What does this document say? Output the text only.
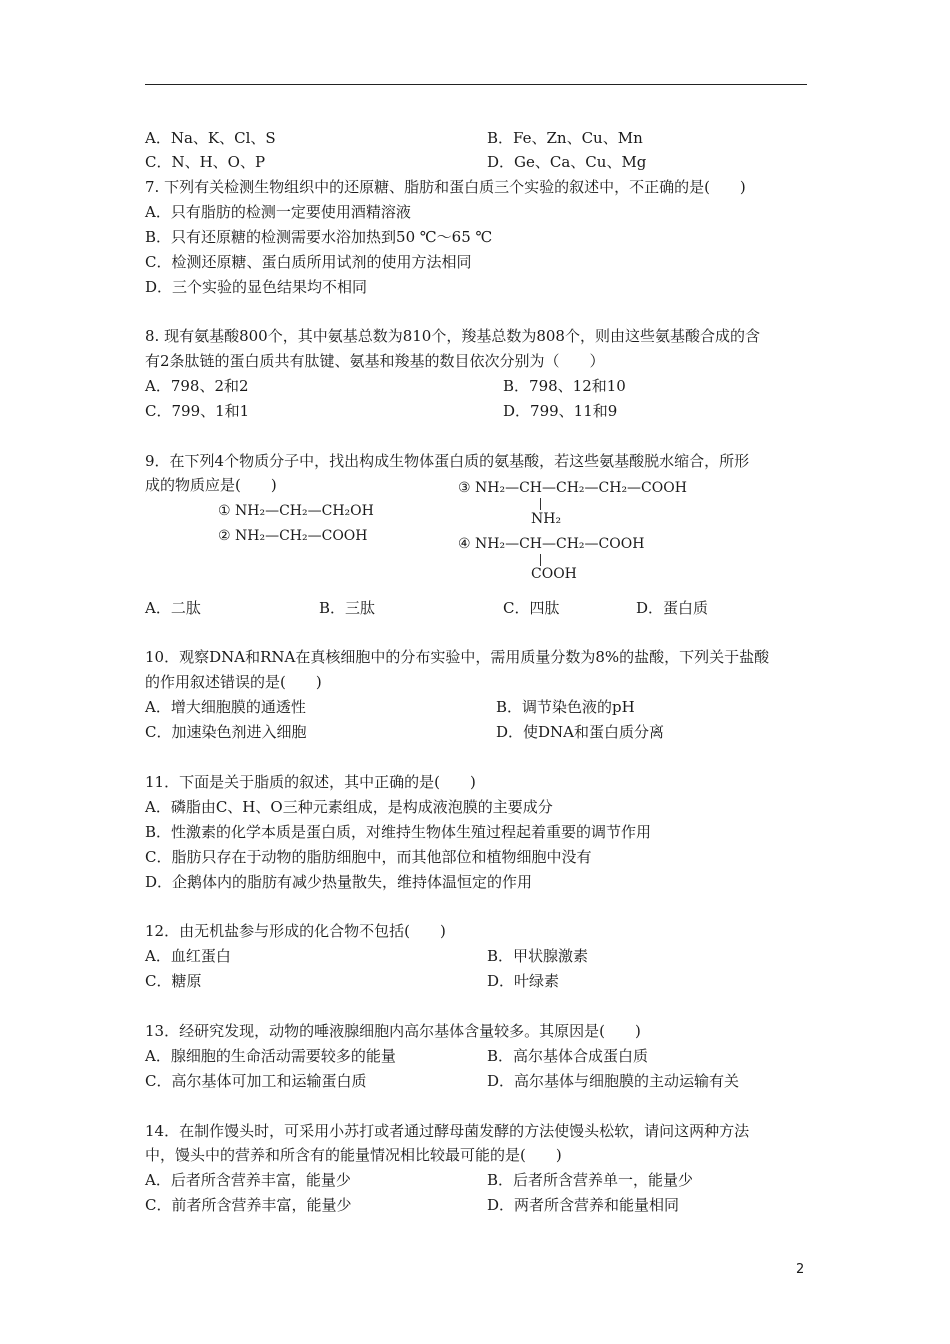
A．Na、K、Cl、S	B．Fe、Zn、Cu、Mn
C．N、H、O、P	D．Ge、Ca、Cu、Mg
7. 下列有关检测生物组织中的还原糖、脂肪和蛋白质三个实验的叙述中，不正确的是(　　)
A．只有脂肪的检测一定要使用酒精溶液
B．只有还原糖的检测需要水浴加热到50 ℃～65 ℃
C．检测还原糖、蛋白质所用试剂的使用方法相同
D．三个实验的显色结果均不相同
8. 现有氨基酸800个，其中氨基总数为810个，羧基总数为808个，则由这些氨基酸合成的含
有2条肽链的蛋白质共有肽键、氨基和羧基的数目依次分别为（　　）
A．798、2和2	B．798、12和10
C．799、1和1	D．799、11和9
9．在下列4个物质分子中，找出构成生物体蛋白质的氨基酸，若这些氨基酸脱水缩合，所形
成的物质应是(　　)
① NH₂—CH₂—CH₂OH
② NH₂—CH₂—COOH
③ NH₂—CH—CH₂—CH₂—COOH
NH₂
④ NH₂—CH—CH₂—COOH
COOH
A．二肽	B．三肽	C．四肽	D．蛋白质
10．观察DNA和RNA在真核细胞中的分布实验中，需用质量分数为8%的盐酸，下列关于盐酸
的作用叙述错误的是(　　)
A．增大细胞膜的通透性	B．调节染色液的pH
C．加速染色剂进入细胞	D．使DNA和蛋白质分离
11．下面是关于脂质的叙述，其中正确的是(　　)
A．磷脂由C、H、O三种元素组成，是构成液泡膜的主要成分
B．性激素的化学本质是蛋白质，对维持生物体生殖过程起着重要的调节作用
C．脂肪只存在于动物的脂肪细胞中，而其他部位和植物细胞中没有
D．企鹅体内的脂肪有减少热量散失，维持体温恒定的作用
12．由无机盐参与形成的化合物不包括(　　)
A．血红蛋白	B．甲状腺激素
C．糖原	D．叶绿素
13．经研究发现，动物的唾液腺细胞内高尔基体含量较多。其原因是(　　)
A．腺细胞的生命活动需要较多的能量	B．高尔基体合成蛋白质
C．高尔基体可加工和运输蛋白质	D．高尔基体与细胞膜的主动运输有关
14．在制作馒头时，可采用小苏打或者通过酵母菌发酵的方法使馒头松软，请问这两种方法
中，馒头中的营养和所含有的能量情况相比较最可能的是(　　)
A．后者所含营养丰富，能量少	B．后者所含营养单一，能量少
C．前者所含营养丰富，能量少	D．两者所含营养和能量相同
2
